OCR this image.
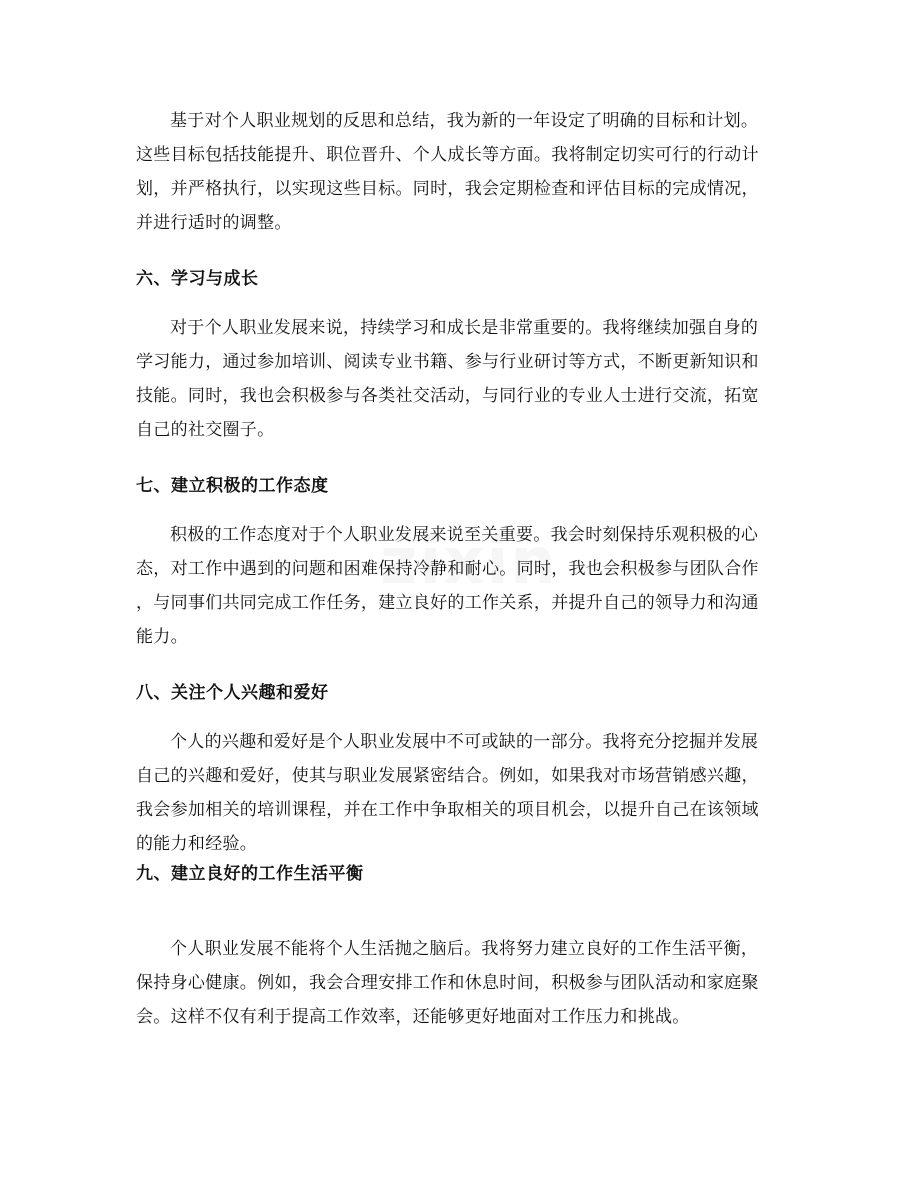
基于对个人职业规划的反思和总结，我为新的一年设定了明确的目标和计划。
这些目标包括技能提升、职位晋升、个人成长等方面。我将制定切实可行的行动计
划，并严格执行，以实现这些目标。同时，我会定期检查和评估目标的完成情况，
并进行适时的调整。

六、学习与成长

对于个人职业发展来说，持续学习和成长是非常重要的。我将继续加强自身的
学习能力，通过参加培训、阅读专业书籍、参与行业研讨等方式，不断更新知识和
技能。同时，我也会积极参与各类社交活动，与同行业的专业人士进行交流，拓宽
自己的社交圈子。

七、建立积极的工作态度

积极的工作态度对于个人职业发展来说至关重要。我会时刻保持乐观积极的心
态，对工作中遇到的问题和困难保持冷静和耐心。同时，我也会积极参与团队合作
，与同事们共同完成工作任务，建立良好的工作关系，并提升自己的领导力和沟通
能力。

八、关注个人兴趣和爱好

个人的兴趣和爱好是个人职业发展中不可或缺的一部分。我将充分挖掘并发展
自己的兴趣和爱好，使其与职业发展紧密结合。例如，如果我对市场营销感兴趣，
我会参加相关的培训课程，并在工作中争取相关的项目机会，以提升自己在该领域
的能力和经验。

九、建立良好的工作生活平衡

个人职业发展不能将个人生活抛之脑后。我将努力建立良好的工作生活平衡，
保持身心健康。例如，我会合理安排工作和休息时间，积极参与团队活动和家庭聚
会。这样不仅有利于提高工作效率，还能够更好地面对工作压力和挑战。
